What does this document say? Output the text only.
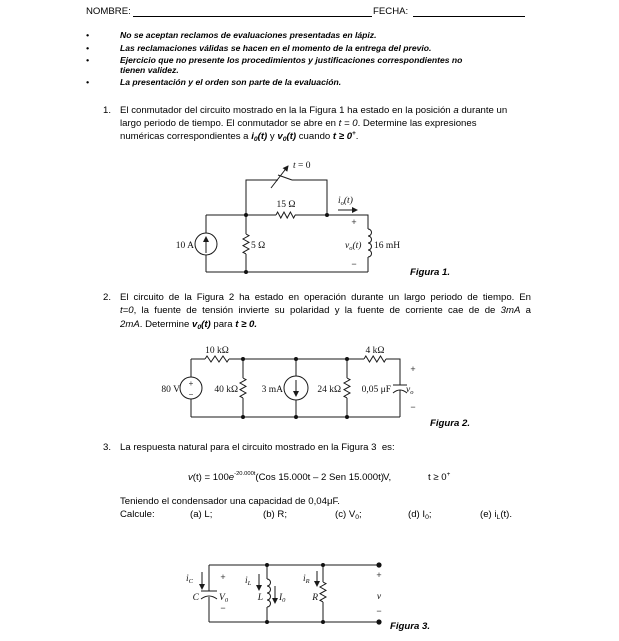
NOMBRE:	FECHA:
•	No se aceptan reclamos de evaluaciones presentadas en lápiz.
•	Las reclamaciones válidas se hacen en el momento de la entrega del previo.
•	Ejercicio que no presente los procedimientos y justificaciones correspondientes no
tienen validez.
•	La presentación y el orden son parte de la evaluación.
1. El conmutador del circuito mostrado en la la Figura 1 ha estado en la posición a durante un
largo periodo de tiempo. El conmutador se abre en t = 0. Determine las expresiones
numéricas correspondientes a $i_0(t)$ y $v_0(t)$ cuando t ≥ 0+.
Figura 1.
2. El circuito de la Figura 2 ha estado en operación durante un largo periodo de tiempo. En
t=0, la fuente de tensión invierte su polaridad y la fuente de corriente cae de de 3mA a
2mA. Determine $v_0(t)$ para t ≥ 0.
Figura 2.
3. La respuesta natural para el circuito mostrado en la Figura 3  es:
$v(t) = 100e^{-20.000t}(Cos$ 15.000t – 2 Sen 15.000t) V,	t ≥ 0+
Teniendo el condensador una capacidad de 0,04μF.
Calcule:	(a) L;	(b) R;	(c) $V_0$;	(d) $I_0$;	(e) $i_L(t)$.
Figura 3.
t = 0
15 Ω
5 Ω
10 A
$i_o(t)$
$v_o(t)$ 16 mH
+
−
+
−
10 kΩ	4 kΩ
80 V	40 kΩ 3 mA	24 kΩ 0,05 μF $v_o$
+
−
$i_C$
C $V_0$
+
−
$i_L$
L $I_0$
$i_R$
R
+
v
−
